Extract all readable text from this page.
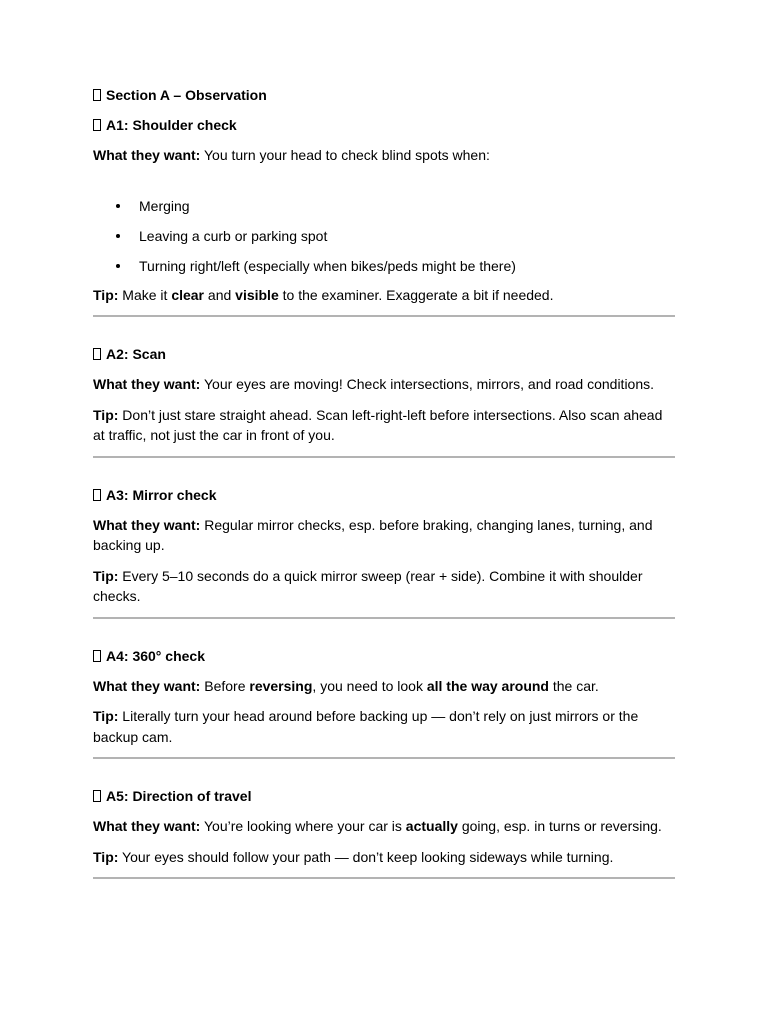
Section A – Observation

A1: Shoulder check

What they want: You turn your head to check blind spots when:

Merging
Leaving a curb or parking spot
Turning right/left (especially when bikes/peds might be there)

Tip: Make it clear and visible to the examiner. Exaggerate a bit if needed.

A2: Scan

What they want: Your eyes are moving! Check intersections, mirrors, and road conditions.

Tip: Don’t just stare straight ahead. Scan left-right-left before intersections. Also scan ahead
at traffic, not just the car in front of you.

A3: Mirror check

What they want: Regular mirror checks, esp. before braking, changing lanes, turning, and
backing up.

Tip: Every 5–10 seconds do a quick mirror sweep (rear + side). Combine it with shoulder
checks.

A4: 360° check

What they want: Before reversing, you need to look all the way around the car.

Tip: Literally turn your head around before backing up — don’t rely on just mirrors or the
backup cam.

A5: Direction of travel

What they want: You’re looking where your car is actually going, esp. in turns or reversing.

Tip: Your eyes should follow your path — don’t keep looking sideways while turning.
